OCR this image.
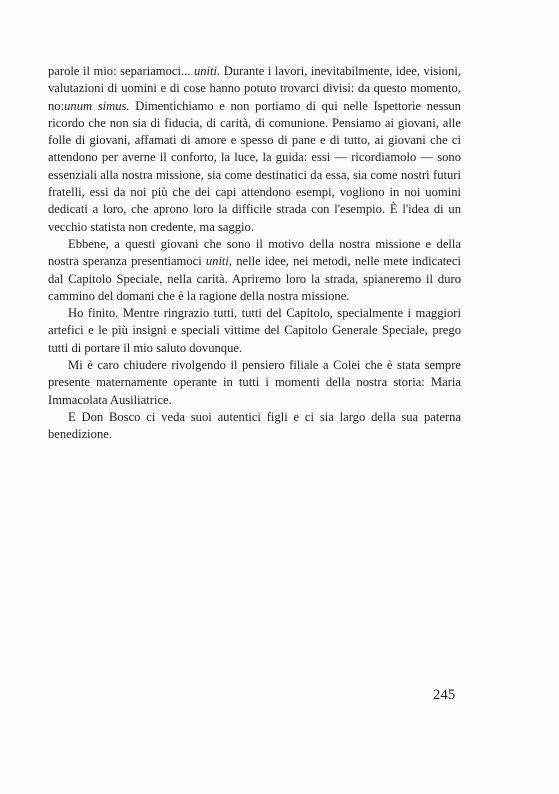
parole il mio: separiamoci... uniti. Durante i lavori, inevitabilmente, idee, visioni, valutazioni di uomini e di cose hanno potuto trovarci divisi: da questo momento, no:unum simus. Dimentichiamo e non portiamo di qui nelle Ispettorie nessun ricordo che non sia di fiducia, di carità, di comunione. Pensiamo ai giovani, alle folle di giovani, affamati di amore e spesso di pane e di tutto, ai giovani che ci attendono per averne il conforto, la luce, la guida: essi — ricordiamolo — sono essenziali alla nostra missione, sia come destinatici da essa, sia come nostri futuri fratelli, essi da noi più che dei capi attendono esempi, vogliono in noi uomini dedicati a loro, che aprono loro la difficile strada con l'esempio. È l'idea di un vecchio statista non credente, ma saggio.

Ebbene, a questi giovani che sono il motivo della nostra missione e della nostra speranza presentiamoci uniti, nelle idee, nei metodi, nelle mete indicateci dal Capitolo Speciale, nella carità. Apriremo loro la strada, spianeremo il duro cammino del domani che è la ragione della nostra missione.

Ho finito. Mentre ringrazio tutti, tutti del Capitolo, specialmente i maggiori artefici e le più insigni e speciali vittime del Capitolo Generale Speciale, prego tutti di portare il mio saluto dovunque.

Mi è caro chiudere rivolgendo il pensiero filiale a Colei che è stata sempre presente maternamente operante in tutti i momenti della nostra storia: Maria Immacolata Ausiliatrice.

E Don Bosco ci veda suoi autentici figli e ci sia largo della sua paterna benedizione.

245
